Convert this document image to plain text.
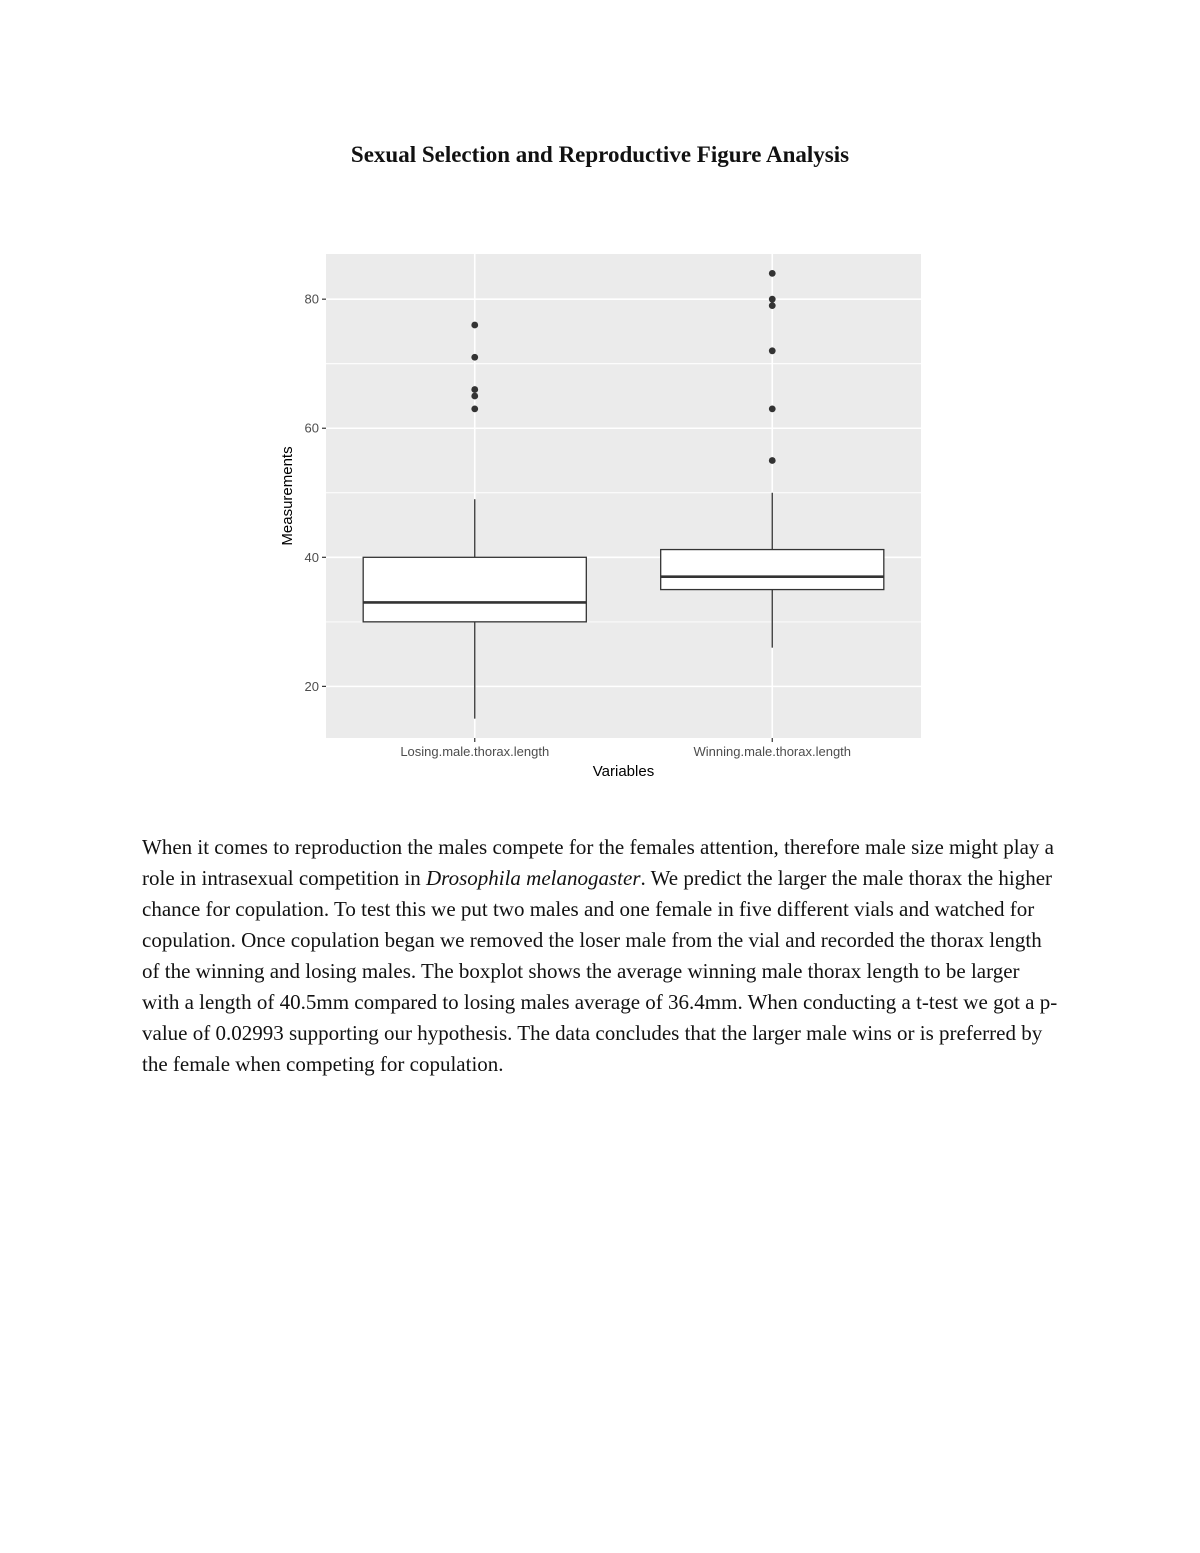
Sexual Selection and Reproductive Figure Analysis
20
40
60
80
Losing.male.thorax.length	Winning.male.thorax.length
Variables
Measurements

When it comes to reproduction the males compete for the females attention, therefore male size might play a role in intrasexual competition in Drosophila melanogaster. We predict the larger the male thorax the higher chance for copulation. To test this we put two males and one female in five different vials and watched for copulation. Once copulation began we removed the loser male from the vial and recorded the thorax length of the winning and losing males. The boxplot shows the average winning male thorax length to be larger with a length of 40.5mm compared to losing males average of 36.4mm. When conducting a t-test we got a p-value of 0.02993 supporting our hypothesis. The data concludes that the larger male wins or is preferred by the female when competing for copulation.
